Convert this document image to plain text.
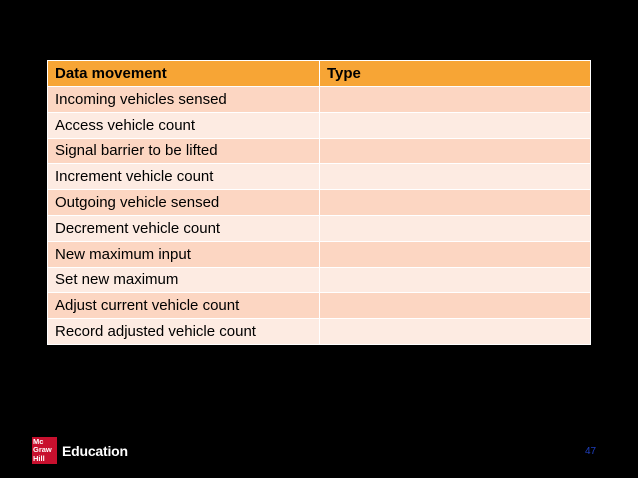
Data movement	Type
Incoming vehicles sensed	
Access vehicle count	
Signal barrier to be lifted	
Increment vehicle count	
Outgoing vehicle sensed	
Decrement vehicle count	
New maximum input	
Set new maximum	
Adjust current vehicle count	
Record adjusted vehicle count	
Mc
Graw
Hill	Education	47
